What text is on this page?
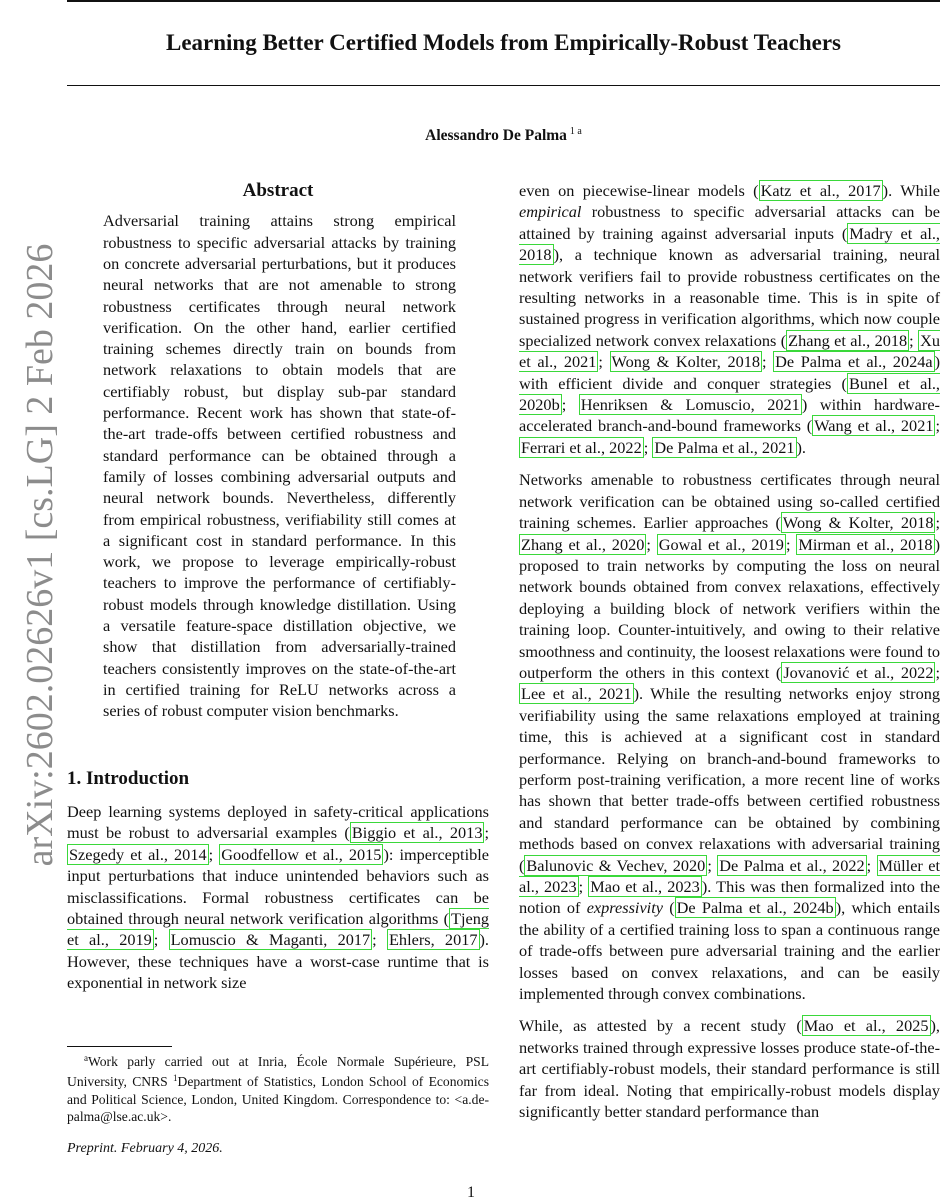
Learning Better Certified Models from Empirically-Robust Teachers
Alessandro De Palma $^{1 a}$
arXiv:2602.02626v1 [cs.LG] 2 Feb 2026
Abstract

Adversarial training attains strong empirical robustness to specific adversarial attacks by training on concrete adversarial perturbations, but it produces neural networks that are not amenable to strong robustness certificates through neural network verification. On the other hand, earlier certified training schemes directly train on bounds from network relaxations to obtain models that are certifiably robust, but display sub-par standard performance. Recent work has shown that state-of-the-art trade-offs between certified robustness and standard performance can be obtained through a family of losses combining adversarial outputs and neural network bounds. Nevertheless, differently from empirical robustness, verifiability still comes at a significant cost in standard performance. In this work, we propose to leverage empirically-robust teachers to improve the performance of certifiably-robust models through knowledge distillation. Using a versatile feature-space distillation objective, we show that distillation from adversarially-trained teachers consistently improves on the state-of-the-art in certified training for ReLU networks across a series of robust computer vision benchmarks.

1. Introduction

Deep learning systems deployed in safety-critical applications must be robust to adversarial examples ( Biggio et al., 2013 ; Szegedy et al., 2014 ; Goodfellow et al., 2015 ): imperceptible input perturbations that induce unintended behaviors such as misclassifications. Formal robustness certificates can be obtained through neural network verification algorithms ( Tjeng et al., 2019 ; Lomuscio & Maganti, 2017 ; Ehlers, 2017 ). However, these techniques have a worst-case runtime that is exponential in network size

$^a$Work parly carried out at Inria, École Normale Supérieure, PSL University, CNRS $^1$Department of Statistics, London School of Economics and Political Science, London, United Kingdom. Correspondence to: <a.de-palma@lse.ac.uk>.
Preprint. February 4, 2026.

even on piecewise-linear models ( Katz et al., 2017 ). While empirical robustness to specific adversarial attacks can be attained by training against adversarial inputs ( Madry et al., 2018 ), a technique known as adversarial training, neural network verifiers fail to provide robustness certificates on the resulting networks in a reasonable time. This is in spite of sustained progress in verification algorithms, which now couple specialized network convex relaxations ( Zhang et al., 2018 ; Xu et al., 2021 ; Wong & Kolter, 2018 ; De Palma et al., 2024a ) with efficient divide and conquer strategies ( Bunel et al., 2020b ; Henriksen & Lomuscio, 2021 ) within hardware-accelerated branch-and-bound frameworks ( Wang et al., 2021 ; Ferrari et al., 2022 ; De Palma et al., 2021 ).

Networks amenable to robustness certificates through neural network verification can be obtained using so-called certified training schemes. Earlier approaches ( Wong & Kolter, 2018 ; Zhang et al., 2020 ; Gowal et al., 2019 ; Mirman et al., 2018 ) proposed to train networks by computing the loss on neural network bounds obtained from convex relaxations, effectively deploying a building block of network verifiers within the training loop. Counter-intuitively, and owing to their relative smoothness and continuity, the loosest relaxations were found to outperform the others in this context ( Jovanović et al., 2022 ; Lee et al., 2021 ). While the resulting networks enjoy strong verifiability using the same relaxations employed at training time, this is achieved at a significant cost in standard performance. Relying on branch-and-bound frameworks to perform post-training verification, a more recent line of works has shown that better trade-offs between certified robustness and standard performance can be obtained by combining methods based on convex relaxations with adversarial training ( Balunovic & Vechev, 2020 ; De Palma et al., 2022 ; Müller et al., 2023 ; Mao et al., 2023 ). This was then formalized into the notion of expressivity ( De Palma et al., 2024b ), which entails the ability of a certified training loss to span a continuous range of trade-offs between pure adversarial training and the earlier losses based on convex relaxations, and can be easily implemented through convex combinations.

While, as attested by a recent study ( Mao et al., 2025 ), networks trained through expressive losses produce state-of-the-art certifiably-robust models, their standard performance is still far from ideal. Noting that empirically-robust models display significantly better standard performance than

1
